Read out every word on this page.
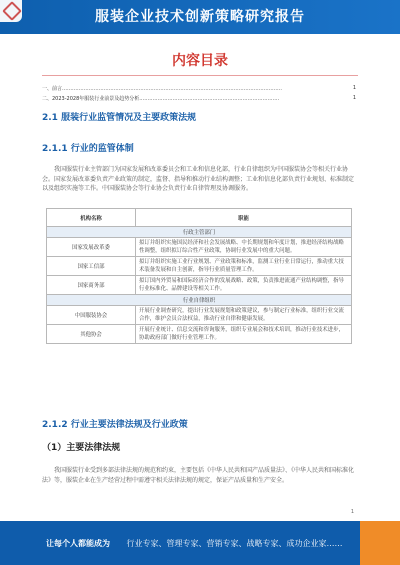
服装企业技术创新策略研究报告
内容目录
一、前言……………………………………………………………………………………………………………………	1
二、2023-2028年服装行业前景及趋势分析…………………………………………………………………………	1
2.1 服装行业监管情况及主要政策法规
2.1.1 行业的监管体制
我国服装行业主管部门为国家发展和改革委员会和工业和信息化部，行业自律组织为中国服装协会等相关行业协会。国家发展改革委负责产业政策的制定，监督、指导和推动行业结构调整；工业和信息化部负责行业规划、标准制定以及组织实施等工作。中国服装协会等行业协会负责行业自律管理及协调服务。
机构名称	职能
行政主管部门	
国家发展改革委	拟订并组织实施国民经济和社会发展战略、中长期规划和年度计划，推进经济结构战略性调整，组织拟订综合性产业政策，协调行业发展中的重大问题。
国家工信部	拟订并组织实施工业行业规划、产业政策和标准，监测工业行业日常运行，推动重大技术装备发展和自主创新，指导行业质量管理工作。
国家商务部	拟订国内外贸易和国际经济合作的发展战略、政策，负责推进流通产业结构调整，指导行业标准化、品牌建设等相关工作。
行业自律组织	
中国服装协会	开展行业调查研究，提出行业发展规划和政策建议，参与制定行业标准，组织行业交流合作，维护会员合法权益，推动行业自律和健康发展。
其他协会	开展行业统计、信息交流和咨询服务，组织专业展会和技术培训，推动行业技术进步，协助政府部门做好行业管理工作。
2.1.2 行业主要法律法规及行业政策
（1）主要法律法规
我国服装行业受到多部法律法规的规范和约束，主要包括《中华人民共和国产品质量法》、《中华人民共和国标准化法》等，服装企业在生产经营过程中需遵守相关法律法规的规定，保证产品质量和生产安全。
1
让每个人都能成为 行业专家、管理专家、营销专家、战略专家、成功企业家……
